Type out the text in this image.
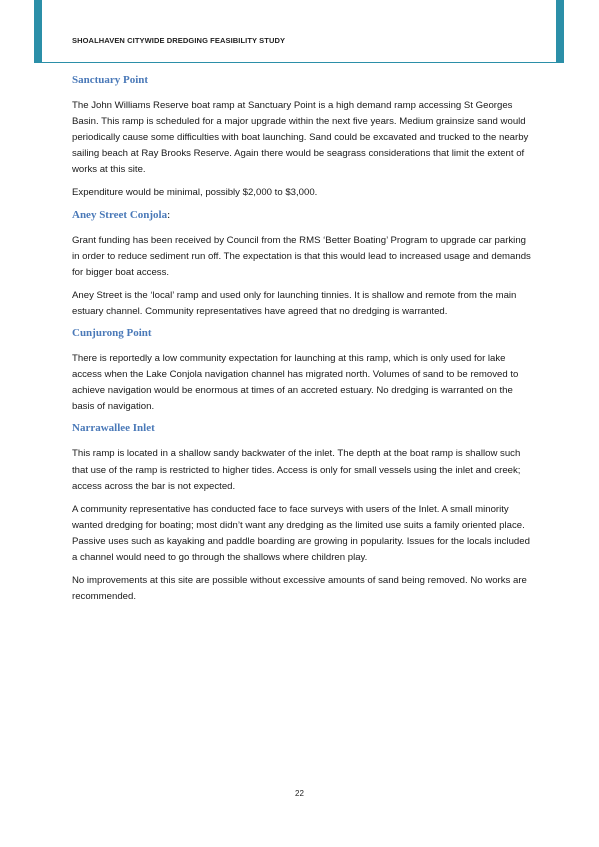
SHOALHAVEN CITYWIDE DREDGING FEASIBILITY STUDY
Sanctuary Point

The John Williams Reserve boat ramp at Sanctuary Point is a high demand ramp accessing St Georges Basin. This ramp is scheduled for a major upgrade within the next five years. Medium grainsize sand would periodically cause some difficulties with boat launching. Sand could be excavated and trucked to the nearby sailing beach at Ray Brooks Reserve. Again there would be seagrass considerations that limit the extent of works at this site.

Expenditure would be minimal, possibly $2,000 to $3,000.

Aney Street Conjola:

Grant funding has been received by Council from the RMS ‘Better Boating’ Program to upgrade car parking in order to reduce sediment run off. The expectation is that this would lead to increased usage and demands for bigger boat access.

Aney Street is the ‘local’ ramp and used only for launching tinnies. It is shallow and remote from the main estuary channel. Community representatives have agreed that no dredging is warranted.

Cunjurong Point

There is reportedly a low community expectation for launching at this ramp, which is only used for lake access when the Lake Conjola navigation channel has migrated north. Volumes of sand to be removed to achieve navigation would be enormous at times of an accreted estuary. No dredging is warranted on the basis of navigation.

Narrawallee Inlet

This ramp is located in a shallow sandy backwater of the inlet. The depth at the boat ramp is shallow such that use of the ramp is restricted to higher tides. Access is only for small vessels using the inlet and creek; access across the bar is not expected.

A community representative has conducted face to face surveys with users of the Inlet. A small minority wanted dredging for boating; most didn’t want any dredging as the limited use suits a family oriented place. Passive uses such as kayaking and paddle boarding are growing in popularity. Issues for the locals included a channel would need to go through the shallows where children play.

No improvements at this site are possible without excessive amounts of sand being removed. No works are recommended.

22
